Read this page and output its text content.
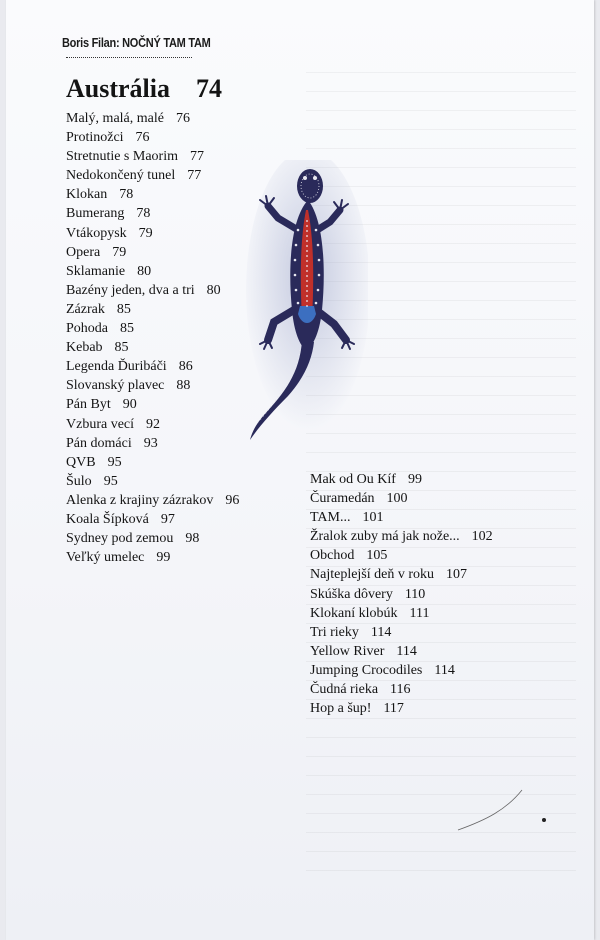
Boris Filan: NOČNÝ TAM TAM
Austrália 74
Malý, malá, malé 76
Protinožci 76
Stretnutie s Maorim 77
Nedokončený tunel 77
Klokan 78
Bumerang 78
Vtákopysk 79
Opera 79
Sklamanie 80
Bazény jeden, dva a tri 80
Zázrak 85
Pohoda 85
Kebab 85
Legenda Ďuribáči 86
Slovanský plavec 88
Pán Byt 90
Vzbura vecí 92
Pán domáci 93
QVB 95
Šulo 95
Alenka z krajiny zázrakov 96
Koala Šípková 97
Sydney pod zemou 98
Veľký umelec 99
Mak od Ou Kíf 99
Čuramedán 100
TAM... 101
Žralok zuby má jak nože... 102
Obchod 105
Najteplejší deň v roku 107
Skúška dôvery 110
Klokaní klobúk 111
Tri rieky 114
Yellow River 114
Jumping Crocodiles 114
Čudná rieka 116
Hop a šup! 117
